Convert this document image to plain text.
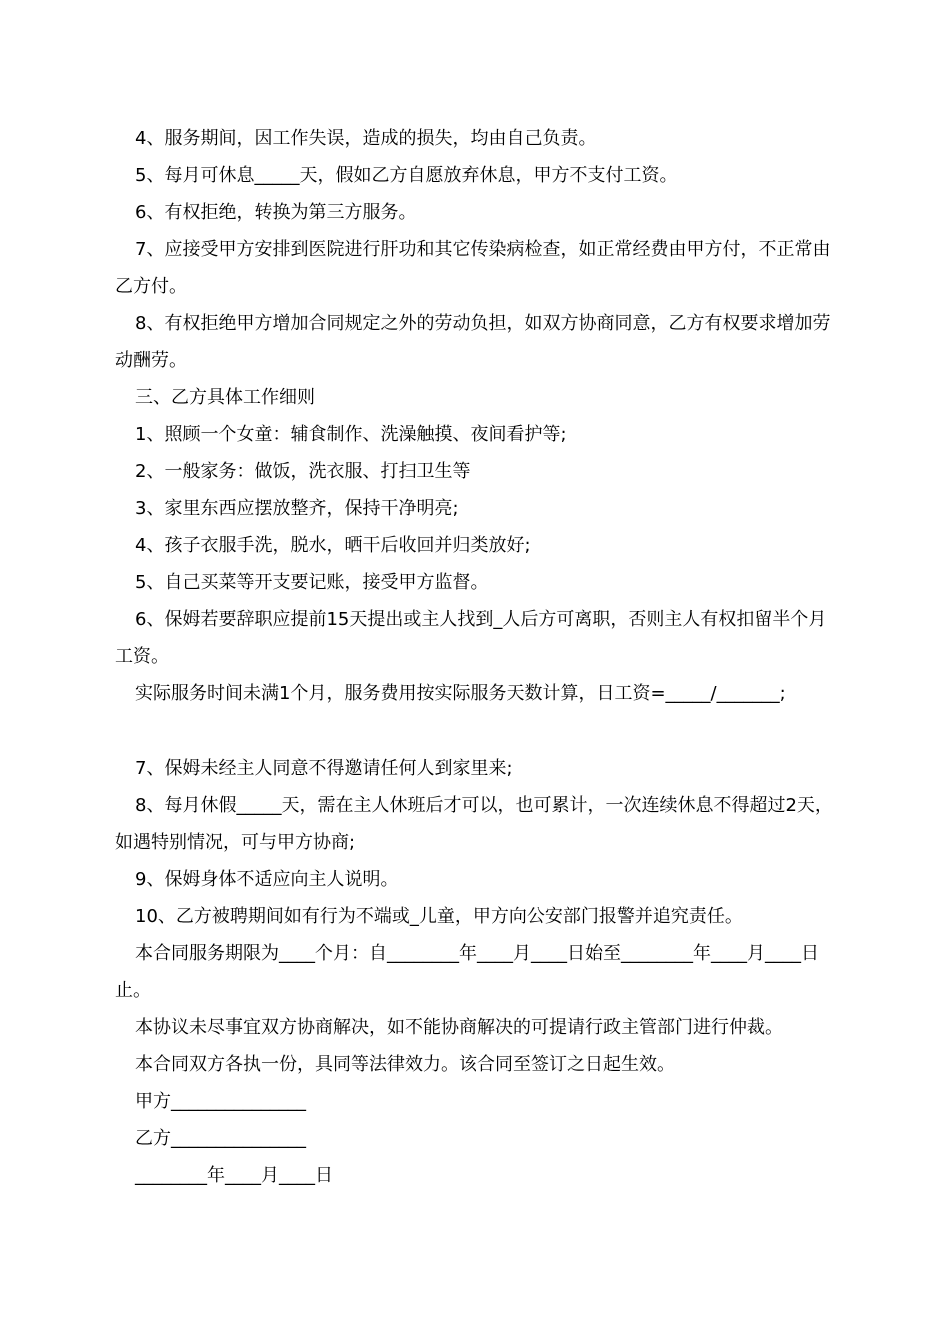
4、服务期间，因工作失误，造成的损失，均由自己负责。

5、每月可休息_____天，假如乙方自愿放弃休息，甲方不支付工资。

6、有权拒绝，转换为第三方服务。

7、应接受甲方安排到医院进行肝功和其它传染病检查，如正常经费由甲方付，不正常由乙方付。

8、有权拒绝甲方增加合同规定之外的劳动负担，如双方协商同意，乙方有权要求增加劳动酬劳。

三、乙方具体工作细则

1、照顾一个女童：辅食制作、洗澡触摸、夜间看护等;

2、一般家务：做饭，洗衣服、打扫卫生等

3、家里东西应摆放整齐，保持干净明亮;

4、孩子衣服手洗，脱水，晒干后收回并归类放好;

5、自己买菜等开支要记账，接受甲方监督。

6、保姆若要辞职应提前15天提出或主人找到_人后方可离职，否则主人有权扣留半个月工资。

实际服务时间未满1个月，服务费用按实际服务天数计算，日工资=_____/_______;

7、保姆未经主人同意不得邀请任何人到家里来;

8、每月休假_____天，需在主人休班后才可以，也可累计，一次连续休息不得超过2天，如遇特别情况，可与甲方协商;

9、保姆身体不适应向主人说明。

10、乙方被聘期间如有行为不端或_儿童，甲方向公安部门报警并追究责任。

本合同服务期限为____个月：自________年____月____日始至________年____月____日止。

本协议未尽事宜双方协商解决，如不能协商解决的可提请行政主管部门进行仲裁。

本合同双方各执一份，具同等法律效力。该合同至签订之日起生效。

甲方_______________

乙方_______________

________年____月____日
